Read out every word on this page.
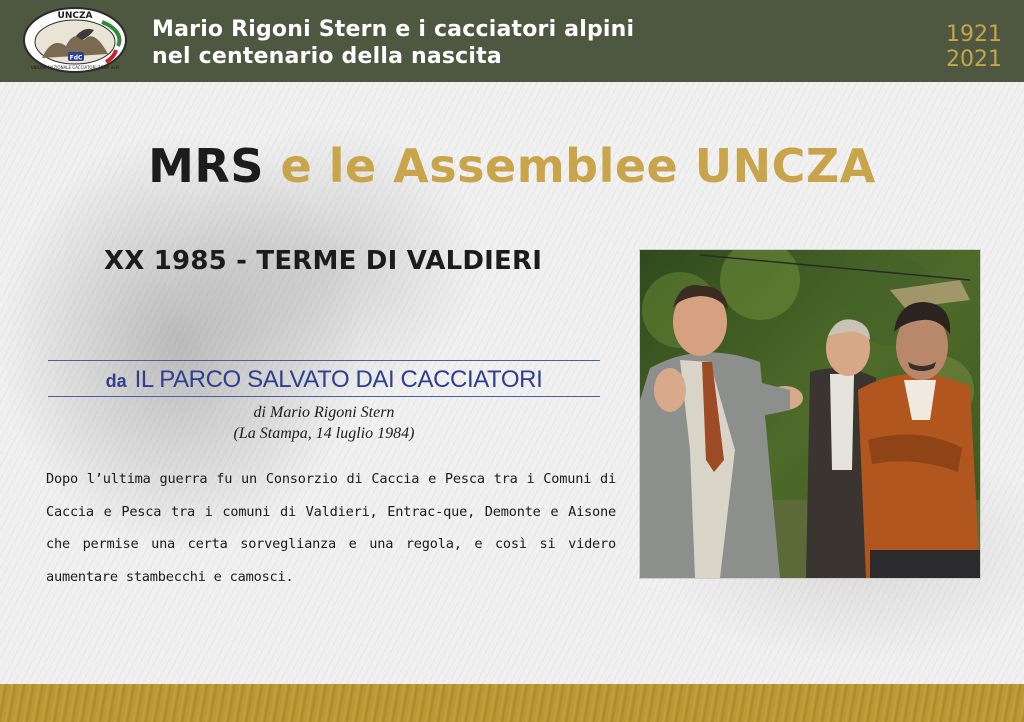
FdC
UNCZA
UNIONE NAZIONALE CACCIATORI ZONA ALPI
Mario Rigoni Stern e i cacciatori alpini
nel centenario della nascita
1921
2021
MRS e le Assemblee UNCZA
XX 1985 - TERME DI VALDIERI
da IL PARCO SALVATO DAI CACCIATORI
di Mario Rigoni Stern
(La Stampa, 14 luglio 1984)
Dopo l’ultima guerra fu un Consorzio di Caccia e Pesca tra i Comuni di Caccia e Pesca tra i comuni di Valdieri, Entrac-que, Demonte e Aisone che permise una certa sorveglianza e una regola, e così si videro aumentare stambecchi e camosci.
